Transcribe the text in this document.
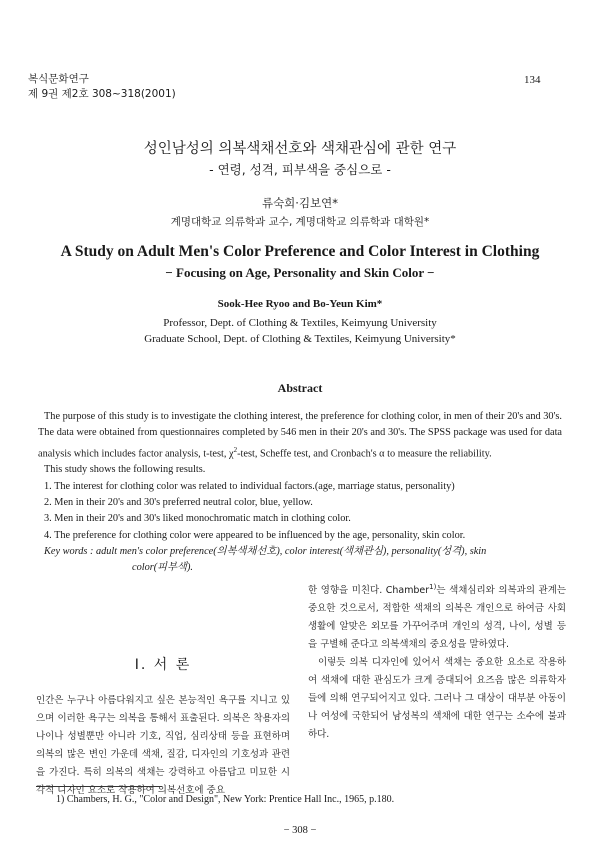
복식문화연구
제 9권 제2호 308~318(2001)
134
성인남성의 의복색채선호와 색채관심에 관한 연구
- 연령, 성격, 피부색을 중심으로 -
류숙희·김보연*
계명대학교 의류학과 교수, 계명대학교 의류학과 대학원*
A Study on Adult Men's Color Preference and Color Interest in Clothing
− Focusing on Age, Personality and Skin Color −
Sook-Hee Ryoo and Bo-Yeun Kim*
Professor, Dept. of Clothing & Textiles, Keimyung University
Graduate School, Dept. of Clothing & Textiles, Keimyung University*
Abstract

The purpose of this study is to investigate the clothing interest, the preference for clothing color, in men of their 20's and 30's. The data were obtained from questionnaires completed by 546 men in their 20's and 30's. The SPSS package was used for data analysis which includes factor analysis, t-test, $\chi^2$-test, Scheffe test, and Cronbach's α to measure the reliability.

This study shows the following results.

1. The interest for clothing color was related to individual factors.(age, marriage status, personality)
2. Men in their 20's and 30's preferred neutral color, blue, yellow.
3. Men in their 20's and 30's liked monochromatic match in clothing color.
4. The preference for clothing color were appeared to be influenced by the age, personality, skin color.
Key words : adult men's color preference(의복색채선호), color interest(색채관심), personality(성격), skin
color(피부색).
I. 서 론

인간은 누구나 아름다워지고 싶은 본능적인 욕구를 지니고 있으며 이러한 욕구는 의복을 통해서 표출된다. 의복은 착용자의 나이나 성별뿐만 아니라 기호, 직업, 심리상태 등을 표현하며 의복의 많은 변인 가운데 색채, 질감, 디자인의 기호성과 관련을 가진다. 특히 의복의 색채는 강력하고 아름답고 미묘한 시각적 디자인 요소로 작용하여 의복선호에 중요

한 영향을 미친다. Chamber$^{1)}$는 색채심리와 의복과의 관계는 중요한 것으로서, 적합한 색채의 의복은 개인으로 하여금 사회생활에 알맞은 외모를 가꾸어주며 개인의 성격, 나이, 성별 등을 구별해 준다고 의복색채의 중요성을 말하였다.

이렇듯 의복 디자인에 있어서 색채는 중요한 요소로 작용하여 색채에 대한 관심도가 크게 증대되어 요즈음 많은 의류학자들에 의해 연구되어지고 있다. 그러나 그 대상이 대부분 아동이나 여성에 국한되어 남성복의 색채에 대한 연구는 소수에 불과하다.

1) Chambers, H. G., "Color and Design", New York: Prentice Hall Inc., 1965, p.180.
− 308 −
